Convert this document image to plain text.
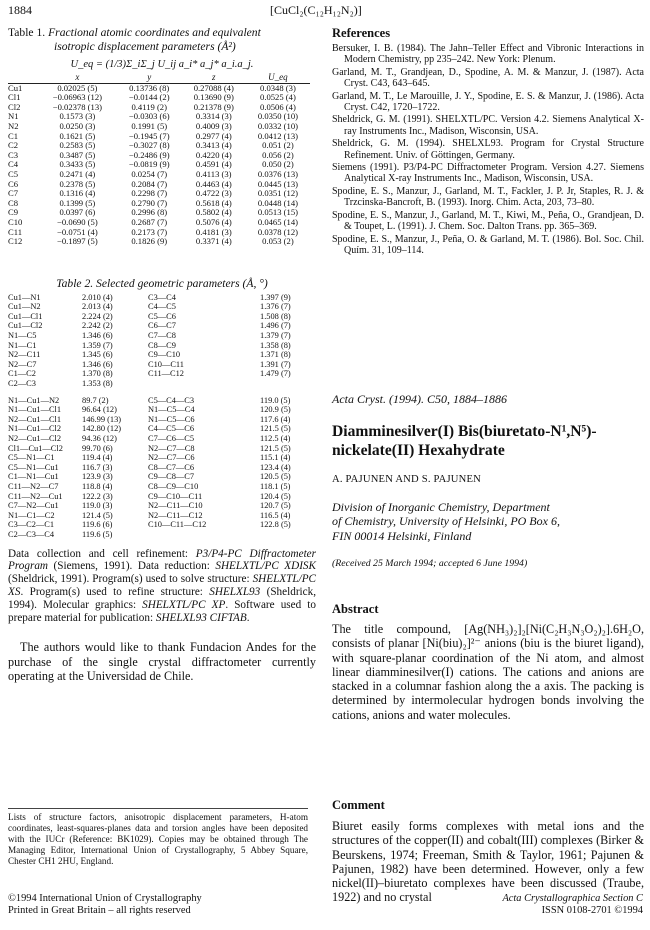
1884	[CuCl₂(C₁₂H₁₂N₂)]
Table 1. Fractional atomic coordinates and equivalent
isotropic displacement parameters (Å²)
U_eq = (1/3)Σ_iΣ_j U_ij a_i* a_j* a_i.a_j.
	x	y	z	U_eq

Cu1	0.02025 (5)	0.13736 (8)	0.27088 (4)	0.0348 (3)
Cl1	−0.06963 (12)	−0.0144 (2)	0.13690 (9)	0.0525 (4)
Cl2	−0.02378 (13)	0.4119 (2)	0.21378 (9)	0.0506 (4)
N1	0.1573 (3)	−0.0303 (6)	0.3314 (3)	0.0350 (10)
N2	0.0250 (3)	0.1991 (5)	0.4009 (3)	0.0332 (10)
C1	0.1621 (5)	−0.1945 (7)	0.2977 (4)	0.0412 (13)
C2	0.2583 (5)	−0.3027 (8)	0.3413 (4)	0.051 (2)
C3	0.3487 (5)	−0.2486 (9)	0.4220 (4)	0.056 (2)
C4	0.3433 (5)	−0.0819 (9)	0.4591 (4)	0.050 (2)
C5	0.2471 (4)	0.0254 (7)	0.4113 (3)	0.0376 (13)
C6	0.2378 (5)	0.2084 (7)	0.4463 (4)	0.0445 (13)
C7	0.1316 (4)	0.2298 (7)	0.4722 (3)	0.0351 (12)
C8	0.1399 (5)	0.2790 (7)	0.5618 (4)	0.0448 (14)
C9	0.0397 (6)	0.2996 (8)	0.5802 (4)	0.0513 (15)
C10	−0.0690 (5)	0.2687 (7)	0.5076 (4)	0.0465 (14)
C11	−0.0751 (4)	0.2173 (7)	0.4181 (3)	0.0378 (12)
C12	−0.1897 (5)	0.1826 (9)	0.3371 (4)	0.053 (2)
Table 2. Selected geometric parameters (Å, °)
Cu1—N1	2.010 (4)	C3—C4	1.397 (9)
Cu1—N2	2.013 (4)	C4—C5	1.376 (7)
Cu1—Cl1	2.224 (2)	C5—C6	1.508 (8)
Cu1—Cl2	2.242 (2)	C6—C7	1.496 (7)
N1—C5	1.346 (6)	C7—C8	1.379 (7)
N1—C1	1.359 (7)	C8—C9	1.358 (8)
N2—C11	1.345 (6)	C9—C10	1.371 (8)
N2—C7	1.346 (6)	C10—C11	1.391 (7)
C1—C2	1.370 (8)	C11—C12	1.479 (7)
C2—C3	1.353 (8)		

N1—Cu1—N2	89.7 (2)	C5—C4—C3	119.0 (5)
N1—Cu1—Cl1	96.64 (12)	N1—C5—C4	120.9 (5)
N2—Cu1—Cl1	146.99 (13)	N1—C5—C6	117.6 (4)
N1—Cu1—Cl2	142.80 (12)	C4—C5—C6	121.5 (5)
N2—Cu1—Cl2	94.36 (12)	C7—C6—C5	112.5 (4)
Cl1—Cu1—Cl2	99.70 (6)	N2—C7—C8	121.5 (5)
C5—N1—C1	119.4 (4)	N2—C7—C6	115.1 (4)
C5—N1—Cu1	116.7 (3)	C8—C7—C6	123.4 (4)
C1—N1—Cu1	123.9 (3)	C9—C8—C7	120.5 (5)
C11—N2—C7	118.8 (4)	C8—C9—C10	118.1 (5)
C11—N2—Cu1	122.2 (3)	C9—C10—C11	120.4 (5)
C7—N2—Cu1	119.0 (3)	N2—C11—C10	120.7 (5)
N1—C1—C2	121.4 (5)	N2—C11—C12	116.5 (4)
C3—C2—C1	119.6 (6)	C10—C11—C12	122.8 (5)
C2—C3—C4	119.6 (5)		
Data collection and cell refinement: P3/P4-PC Diffractometer Program (Siemens, 1991). Data reduction: SHELXTL/PC XDISK (Sheldrick, 1991). Program(s) used to solve structure: SHELXTL/PC XS. Program(s) used to refine structure: SHELXL93 (Sheldrick, 1994). Molecular graphics: SHELXTL/PC XP. Software used to prepare material for publication: SHELXL93 CIFTAB.
The authors would like to thank Fundacion Andes for the purchase of the single crystal diffractometer currently operating at the Universidad de Chile.
Lists of structure factors, anisotropic displacement parameters, H-atom coordinates, least-squares-planes data and torsion angles have been deposited with the IUCr (Reference: BK1029). Copies may be obtained through The Managing Editor, International Union of Crystallography, 5 Abbey Square, Chester CH1 2HU, England.
References
Bersuker, I. B. (1984). The Jahn–Teller Effect and Vibronic Interactions in Modern Chemistry, pp 235–242. New York: Plenum.
Garland, M. T., Grandjean, D., Spodine, A. M. & Manzur, J. (1987). Acta Cryst. C43, 643–645.
Garland, M. T., Le Marouille, J. Y., Spodine, E. S. & Manzur, J. (1986). Acta Cryst. C42, 1720–1722.
Sheldrick, G. M. (1991). SHELXTL/PC. Version 4.2. Siemens Analytical X-ray Instruments Inc., Madison, Wisconsin, USA.
Sheldrick, G. M. (1994). SHELXL93. Program for Crystal Structure Refinement. Univ. of Göttingen, Germany.
Siemens (1991). P3/P4-PC Diffractometer Program. Version 4.27. Siemens Analytical X-ray Instruments Inc., Madison, Wisconsin, USA.
Spodine, E. S., Manzur, J., Garland, M. T., Fackler, J. P. Jr, Staples, R. J. & Trzcinska-Bancroft, B. (1993). Inorg. Chim. Acta, 203, 73–80.
Spodine, E. S., Manzur, J., Garland, M. T., Kiwi, M., Peña, O., Grandjean, D. & Toupet, L. (1991). J. Chem. Soc. Dalton Trans. pp. 365–369.
Spodine, E. S., Manzur, J., Peña, O. & Garland, M. T. (1986). Bol. Soc. Chil. Quím. 31, 109–114.
Acta Cryst. (1994). C50, 1884–1886
Diamminesilver(I) Bis(biuretato-N¹,N⁵)-nickelate(II) Hexahydrate
A. PAJUNEN AND S. PAJUNEN
Division of Inorganic Chemistry, Department
of Chemistry, University of Helsinki, PO Box 6,
FIN 00014 Helsinki, Finland
(Received 25 March 1994; accepted 6 June 1994)
Abstract
The title compound, [Ag(NH₃)₂]₂[Ni(C₂H₃N₃O₂)₂].6H₂O, consists of planar [Ni(biu)₂]²⁻ anions (biu is the biuret ligand), with square-planar coordination of the Ni atom, and almost linear diamminesilver(I) cations. The cations and anions are stacked in a columnar fashion along the a axis. The packing is determined by intermolecular hydrogen bonds involving the cations, anions and water molecules.
Comment
Biuret easily forms complexes with metal ions and the structures of the copper(II) and cobalt(III) complexes (Birker & Beurskens, 1974; Freeman, Smith & Taylor, 1961; Pajunen & Pajunen, 1982) have been determined. However, only a few nickel(II)–biuretato complexes have been discussed (Traube, 1922) and no crystal
©1994 International Union of Crystallography
Printed in Great Britain – all rights reserved
Acta Crystallographica Section C
ISSN 0108-2701 ©1994
